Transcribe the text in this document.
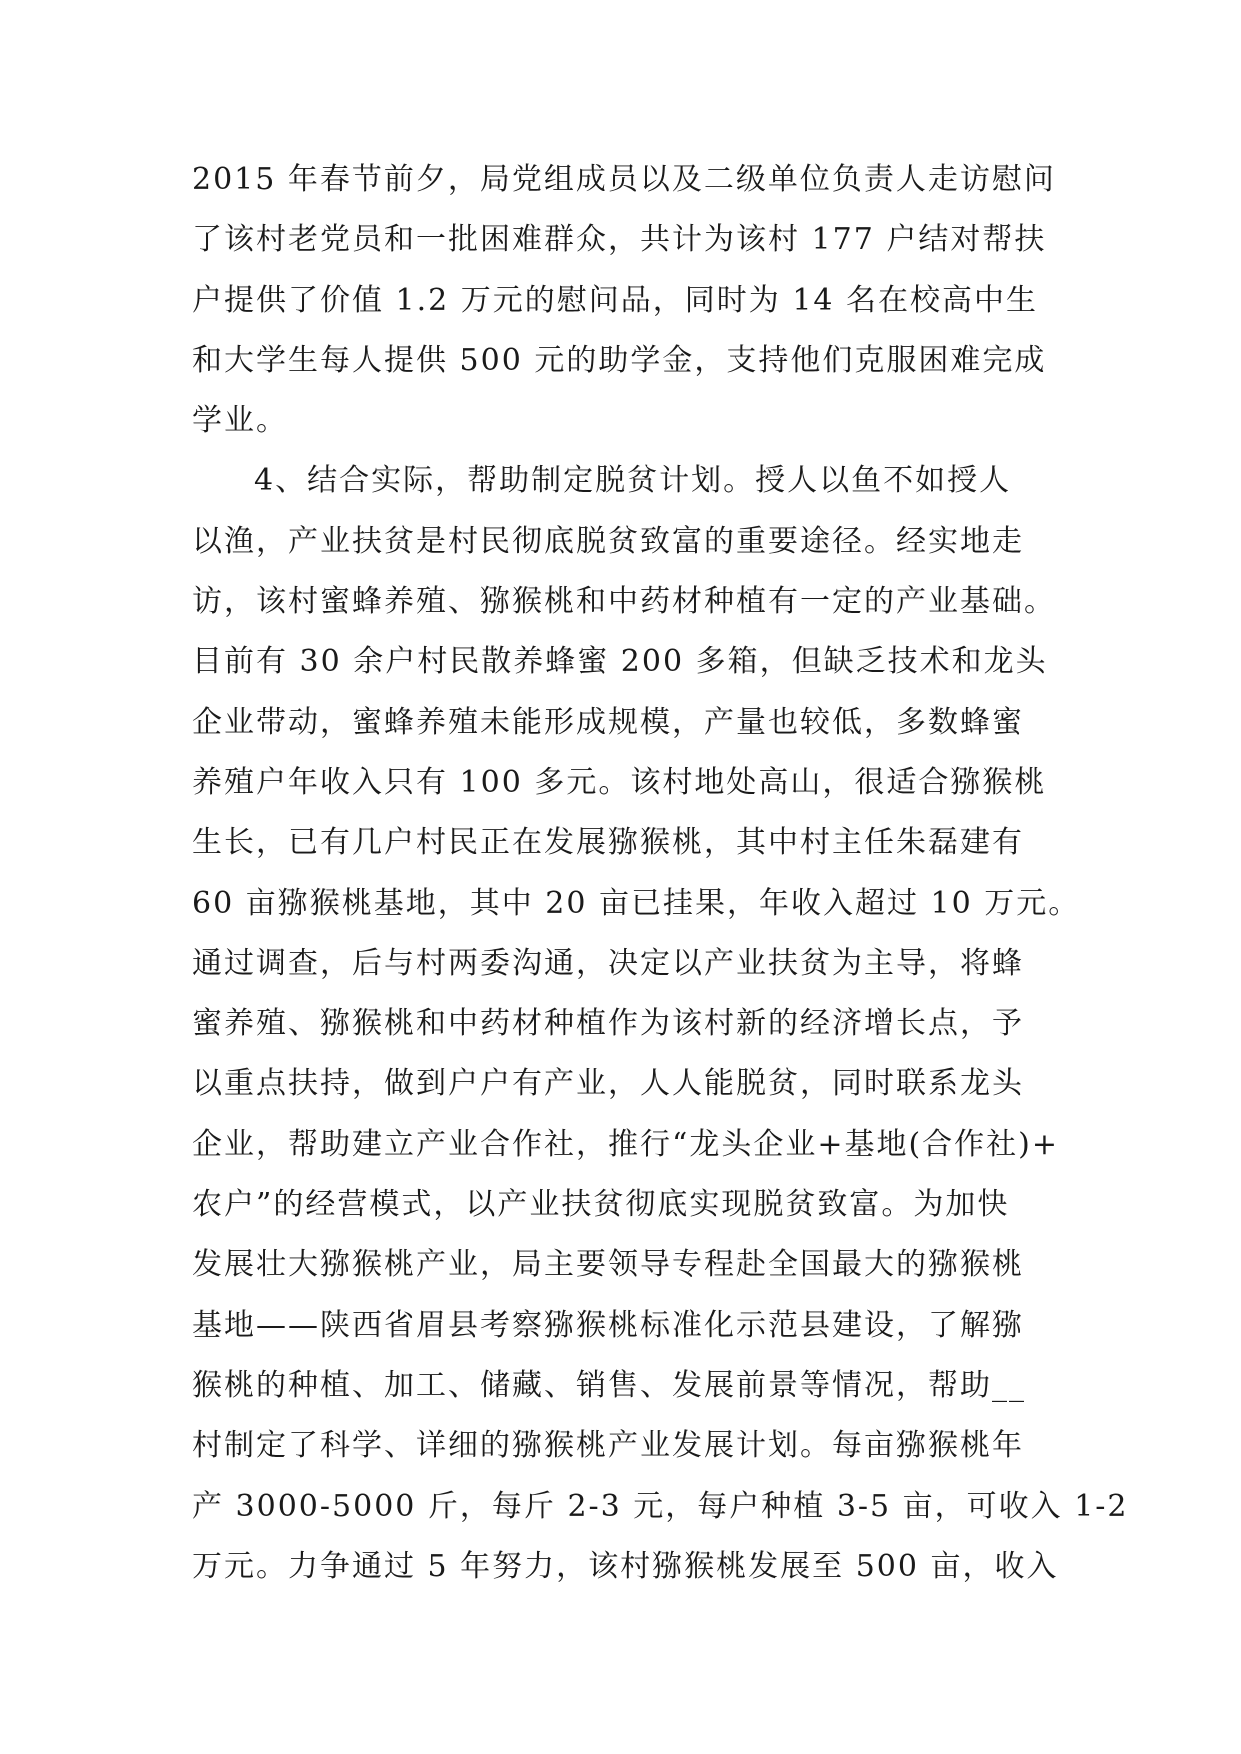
2015 年春节前夕，局党组成员以及二级单位负责人走访慰问
了该村老党员和一批困难群众，共计为该村 177 户结对帮扶
户提供了价值 1.2 万元的慰问品，同时为 14 名在校高中生
和大学生每人提供 500 元的助学金，支持他们克服困难完成
学业。
4、结合实际，帮助制定脱贫计划。授人以鱼不如授人
以渔，产业扶贫是村民彻底脱贫致富的重要途径。经实地走
访，该村蜜蜂养殖、猕猴桃和中药材种植有一定的产业基础。
目前有 30 余户村民散养蜂蜜 200 多箱，但缺乏技术和龙头
企业带动，蜜蜂养殖未能形成规模，产量也较低，多数蜂蜜
养殖户年收入只有 100 多元。该村地处高山，很适合猕猴桃
生长，已有几户村民正在发展猕猴桃，其中村主任朱磊建有
60 亩猕猴桃基地，其中 20 亩已挂果，年收入超过 10 万元。
通过调查，后与村两委沟通，决定以产业扶贫为主导，将蜂
蜜养殖、猕猴桃和中药材种植作为该村新的经济增长点，予
以重点扶持，做到户户有产业，人人能脱贫，同时联系龙头
企业，帮助建立产业合作社，推行“龙头企业+基地(合作社)+
农户”的经营模式，以产业扶贫彻底实现脱贫致富。为加快
发展壮大猕猴桃产业，局主要领导专程赴全国最大的猕猴桃
基地——陕西省眉县考察猕猴桃标准化示范县建设，了解猕
猴桃的种植、加工、储藏、销售、发展前景等情况，帮助__
村制定了科学、详细的猕猴桃产业发展计划。每亩猕猴桃年
产 3000-5000 斤，每斤 2-3 元，每户种植 3-5 亩，可收入 1-2
万元。力争通过 5 年努力，该村猕猴桃发展至 500 亩，收入
